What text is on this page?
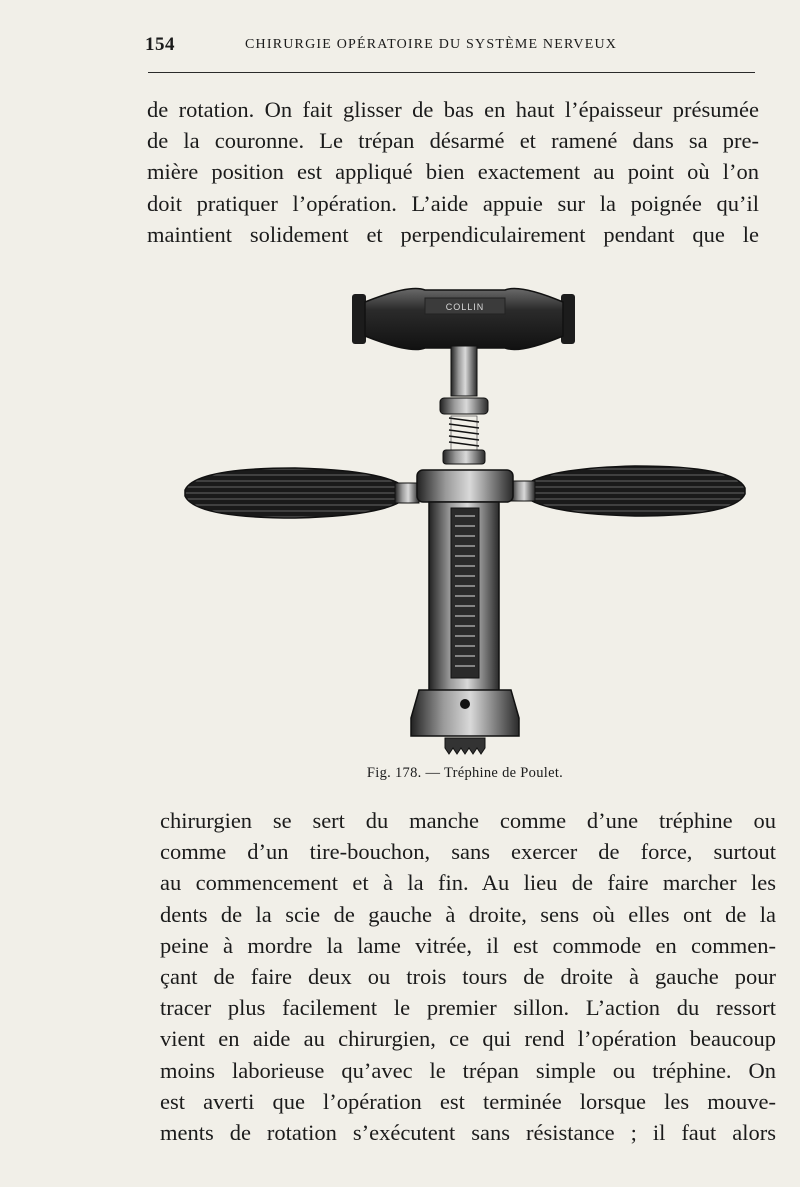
154	CHIRURGIE OPÉRATOIRE DU SYSTÈME NERVEUX
de rotation. On fait glisser de bas en haut l’épaisseur présumée
de la couronne. Le trépan désarmé et ramené dans sa pre-
mière position est appliqué bien exactement au point où l’on
doit pratiquer l’opération. L’aide appuie sur la poignée qu’il
maintient solidement et perpendiculairement pendant que le
COLLIN
Fig. 178. — Tréphine de Poulet.
chirurgien se sert du manche comme d’une tréphine ou
comme d’un tire-bouchon, sans exercer de force, surtout
au commencement et à la fin. Au lieu de faire marcher les
dents de la scie de gauche à droite, sens où elles ont de la
peine à mordre la lame vitrée, il est commode en commen-
çant de faire deux ou trois tours de droite à gauche pour
tracer plus facilement le premier sillon. L’action du ressort
vient en aide au chirurgien, ce qui rend l’opération beaucoup
moins laborieuse qu’avec le trépan simple ou tréphine. On
est averti que l’opération est terminée lorsque les mouve-
ments de rotation s’exécutent sans résistance ; il faut alors
